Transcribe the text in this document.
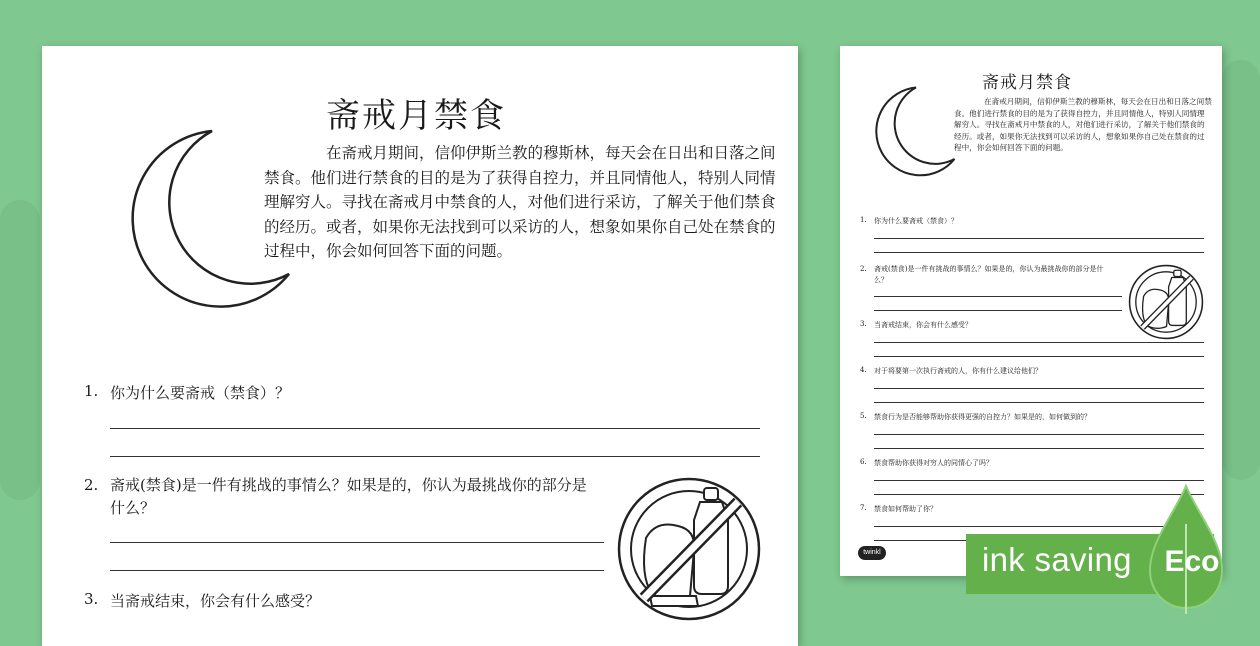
斋戒月禁食
在斋戒月期间，信仰伊斯兰教的穆斯林，每天会在日出和日落之间禁食。他们进行禁食的目的是为了获得自控力，并且同情他人，特别人同情理解穷人。寻找在斋戒月中禁食的人，对他们进行采访，了解关于他们禁食的经历。或者，如果你无法找到可以采访的人，想象如果你自己处在禁食的过程中，你会如何回答下面的问题。
1. 你为什么要斋戒（禁食）？
2. 斋戒(禁食)是一件有挑战的事情么？如果是的，你认为最挑战你的部分是什么？
3. 当斋戒结束，你会有什么感受？
斋戒月禁食
在斋戒月期间，信仰伊斯兰教的穆斯林，每天会在日出和日落之间禁食。他们进行禁食的目的是为了获得自控力，并且同情他人，特别人同情理解穷人。寻找在斋戒月中禁食的人，对他们进行采访，了解关于他们禁食的经历。或者，如果你无法找到可以采访的人，想象如果你自己处在禁食的过程中，你会如何回答下面的问题。
1.	你为什么要斋戒（禁食）？
2.	斋戒(禁食)是一件有挑战的事情么？如果是的，你认为最挑战你的部分是什么？
3.	当斋戒结束，你会有什么感受？
4.	对于将要第一次执行斋戒的人，你有什么建议给他们？
5.	禁食行为是否能够帮助你获得更强的自控力？如果是的，如何做到的？
6.	禁食帮助你获得对穷人的同情心了吗？
7.	禁食如何帮助了你？
twinkl	ink saving Eco
